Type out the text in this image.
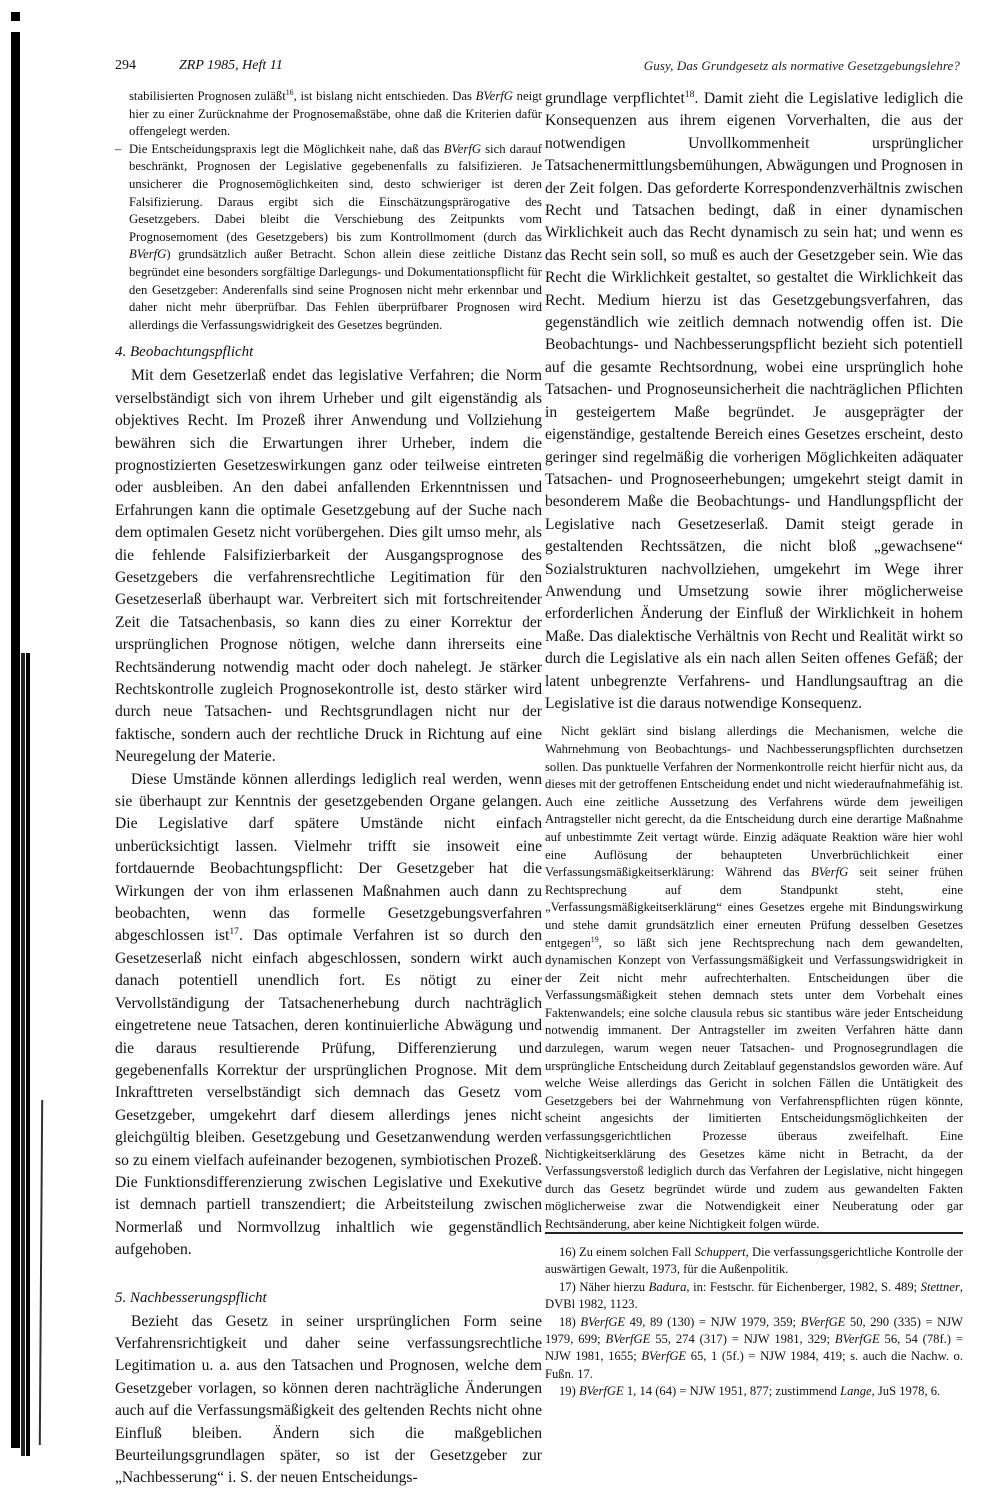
294	ZRP 1985, Heft 11	Gusy, Das Grundgesetz als normative Gesetzgebungslehre?

stabilisierten Prognosen zuläßt$^{16}$, ist bislang nicht entschieden. Das BVerfG neigt hier zu einer Zurücknahme der Prognosemaßstäbe, ohne daß die Kriterien dafür offengelegt werden.

– Die Entscheidungspraxis legt die Möglichkeit nahe, daß das BVerfG sich darauf beschränkt, Prognosen der Legislative gegebenenfalls zu falsifizieren. Je unsicherer die Prognosemöglichkeiten sind, desto schwieriger ist deren Falsifizierung. Daraus ergibt sich die Einschätzungsprärogative des Gesetzgebers. Dabei bleibt die Verschiebung des Zeitpunkts vom Prognosemoment (des Gesetzgebers) bis zum Kontrollmoment (durch das BVerfG) grundsätzlich außer Betracht. Schon allein diese zeitliche Distanz begründet eine besonders sorgfältige Darlegungs- und Dokumentationspflicht für den Gesetzgeber: Anderenfalls sind seine Prognosen nicht mehr erkennbar und daher nicht mehr überprüfbar. Das Fehlen überprüfbarer Prognosen wird allerdings die Verfassungswidrigkeit des Gesetzes begründen.

4. Beobachtungspflicht

Mit dem Gesetzerlaß endet das legislative Verfahren; die Norm verselbständigt sich von ihrem Urheber und gilt eigenständig als objektives Recht. Im Prozeß ihrer Anwendung und Vollziehung bewähren sich die Erwartungen ihrer Urheber, indem die prognostizierten Gesetzeswirkungen ganz oder teilweise eintreten oder ausbleiben. An den dabei anfallenden Erkenntnissen und Erfahrungen kann die optimale Gesetzgebung auf der Suche nach dem optimalen Gesetz nicht vorübergehen. Dies gilt umso mehr, als die fehlende Falsifizierbarkeit der Ausgangsprognose des Gesetzgebers die verfahrensrechtliche Legitimation für den Gesetzeserlaß überhaupt war. Verbreitert sich mit fortschreitender Zeit die Tatsachenbasis, so kann dies zu einer Korrektur der ursprünglichen Prognose nötigen, welche dann ihrerseits eine Rechtsänderung notwendig macht oder doch nahelegt. Je stärker Rechtskontrolle zugleich Prognosekontrolle ist, desto stärker wird durch neue Tatsachen- und Rechtsgrundlagen nicht nur der faktische, sondern auch der rechtliche Druck in Richtung auf eine Neuregelung der Materie.

Diese Umstände können allerdings lediglich real werden, wenn sie überhaupt zur Kenntnis der gesetzgebenden Organe gelangen. Die Legislative darf spätere Umstände nicht einfach unberücksichtigt lassen. Vielmehr trifft sie insoweit eine fortdauernde Beobachtungspflicht: Der Gesetzgeber hat die Wirkungen der von ihm erlassenen Maßnahmen auch dann zu beobachten, wenn das formelle Gesetzgebungsverfahren abgeschlossen ist$^{17}$. Das optimale Verfahren ist so durch den Gesetzeserlaß nicht einfach abgeschlossen, sondern wirkt auch danach potentiell unendlich fort. Es nötigt zu einer Vervollständigung der Tatsachenerhebung durch nachträglich eingetretene neue Tatsachen, deren kontinuierliche Abwägung und die daraus resultierende Prüfung, Differenzierung und gegebenenfalls Korrektur der ursprünglichen Prognose. Mit dem Inkrafttreten verselbständigt sich demnach das Gesetz vom Gesetzgeber, umgekehrt darf diesem allerdings jenes nicht gleichgültig bleiben. Gesetzgebung und Gesetzanwendung werden so zu einem vielfach aufeinander bezogenen, symbiotischen Prozeß. Die Funktionsdifferenzierung zwischen Legislative und Exekutive ist demnach partiell transzendiert; die Arbeitsteilung zwischen Normerlaß und Normvollzug inhaltlich wie gegenständlich aufgehoben.

5. Nachbesserungspflicht

Bezieht das Gesetz in seiner ursprünglichen Form seine Verfahrensrichtigkeit und daher seine verfassungsrechtliche Legitimation u. a. aus den Tatsachen und Prognosen, welche dem Gesetzgeber vorlagen, so können deren nachträgliche Änderungen auch auf die Verfassungsmäßigkeit des geltenden Rechts nicht ohne Einfluß bleiben. Ändern sich die maßgeblichen Beurteilungsgrundlagen später, so ist der Gesetzgeber zur „Nachbesserung“ i. S. der neuen Entscheidungs-

grundlage verpflichtet$^{18}$. Damit zieht die Legislative lediglich die Konsequenzen aus ihrem eigenen Vorverhalten, die aus der notwendigen Unvollkommenheit ursprünglicher Tatsachenermittlungsbemühungen, Abwägungen und Prognosen in der Zeit folgen. Das geforderte Korrespondenzverhältnis zwischen Recht und Tatsachen bedingt, daß in einer dynamischen Wirklichkeit auch das Recht dynamisch zu sein hat; und wenn es das Recht sein soll, so muß es auch der Gesetzgeber sein. Wie das Recht die Wirklichkeit gestaltet, so gestaltet die Wirklichkeit das Recht. Medium hierzu ist das Gesetzgebungsverfahren, das gegenständlich wie zeitlich demnach notwendig offen ist. Die Beobachtungs- und Nachbesserungspflicht bezieht sich potentiell auf die gesamte Rechtsordnung, wobei eine ursprünglich hohe Tatsachen- und Prognoseunsicherheit die nachträglichen Pflichten in gesteigertem Maße begründet. Je ausgeprägter der eigenständige, gestaltende Bereich eines Gesetzes erscheint, desto geringer sind regelmäßig die vorherigen Möglichkeiten adäquater Tatsachen- und Prognoseerhebungen; umgekehrt steigt damit in besonderem Maße die Beobachtungs- und Handlungspflicht der Legislative nach Gesetzeserlaß. Damit steigt gerade in gestaltenden Rechtssätzen, die nicht bloß „gewachsene“ Sozialstrukturen nachvollziehen, umgekehrt im Wege ihrer Anwendung und Umsetzung sowie ihrer möglicherweise erforderlichen Änderung der Einfluß der Wirklichkeit in hohem Maße. Das dialektische Verhältnis von Recht und Realität wirkt so durch die Legislative als ein nach allen Seiten offenes Gefäß; der latent unbegrenzte Verfahrens- und Handlungsauftrag an die Legislative ist die daraus notwendige Konsequenz.

Nicht geklärt sind bislang allerdings die Mechanismen, welche die Wahrnehmung von Beobachtungs- und Nachbesserungspflichten durchsetzen sollen. Das punktuelle Verfahren der Normenkontrolle reicht hierfür nicht aus, da dieses mit der getroffenen Entscheidung endet und nicht wiederaufnahmefähig ist. Auch eine zeitliche Aussetzung des Verfahrens würde dem jeweiligen Antragsteller nicht gerecht, da die Entscheidung durch eine derartige Maßnahme auf unbestimmte Zeit vertagt würde. Einzig adäquate Reaktion wäre hier wohl eine Auflösung der behaupteten Unverbrüchlichkeit einer Verfassungsmäßigkeitserklärung: Während das BVerfG seit seiner frühen Rechtsprechung auf dem Standpunkt steht, eine „Verfassungsmäßigkeitserklärung“ eines Gesetzes ergehe mit Bindungswirkung und stehe damit grundsätzlich einer erneuten Prüfung desselben Gesetzes entgegen$^{19}$, so läßt sich jene Rechtsprechung nach dem gewandelten, dynamischen Konzept von Verfassungsmäßigkeit und Verfassungswidrigkeit in der Zeit nicht mehr aufrechterhalten. Entscheidungen über die Verfassungsmäßigkeit stehen demnach stets unter dem Vorbehalt eines Faktenwandels; eine solche clausula rebus sic stantibus wäre jeder Entscheidung notwendig immanent. Der Antragsteller im zweiten Verfahren hätte dann darzulegen, warum wegen neuer Tatsachen- und Prognosegrundlagen die ursprüngliche Entscheidung durch Zeitablauf gegenstandslos geworden wäre. Auf welche Weise allerdings das Gericht in solchen Fällen die Untätigkeit des Gesetzgebers bei der Wahrnehmung von Verfahrenspflichten rügen könnte, scheint angesichts der limitierten Entscheidungsmöglichkeiten der verfassungsgerichtlichen Prozesse überaus zweifelhaft. Eine Nichtigkeitserklärung des Gesetzes käme nicht in Betracht, da der Verfassungsverstoß lediglich durch das Verfahren der Legislative, nicht hingegen durch das Gesetz begründet würde und zudem aus gewandelten Fakten möglicherweise zwar die Notwendigkeit einer Neuberatung oder gar Rechtsänderung, aber keine Nichtigkeit folgen würde.

16) Zu einem solchen Fall Schuppert, Die verfassungsgerichtliche Kontrolle der auswärtigen Gewalt, 1973, für die Außenpolitik.

17) Näher hierzu Badura, in: Festschr. für Eichenberger, 1982, S. 489; Stettner, DVBl 1982, 1123.

18) BVerfGE 49, 89 (130) = NJW 1979, 359; BVerfGE 50, 290 (335) = NJW 1979, 699; BVerfGE 55, 274 (317) = NJW 1981, 329; BVerfGE 56, 54 (78f.) = NJW 1981, 1655; BVerfGE 65, 1 (5f.) = NJW 1984, 419; s. auch die Nachw. o. Fußn. 17.

19) BVerfGE 1, 14 (64) = NJW 1951, 877; zustimmend Lange, JuS 1978, 6.
